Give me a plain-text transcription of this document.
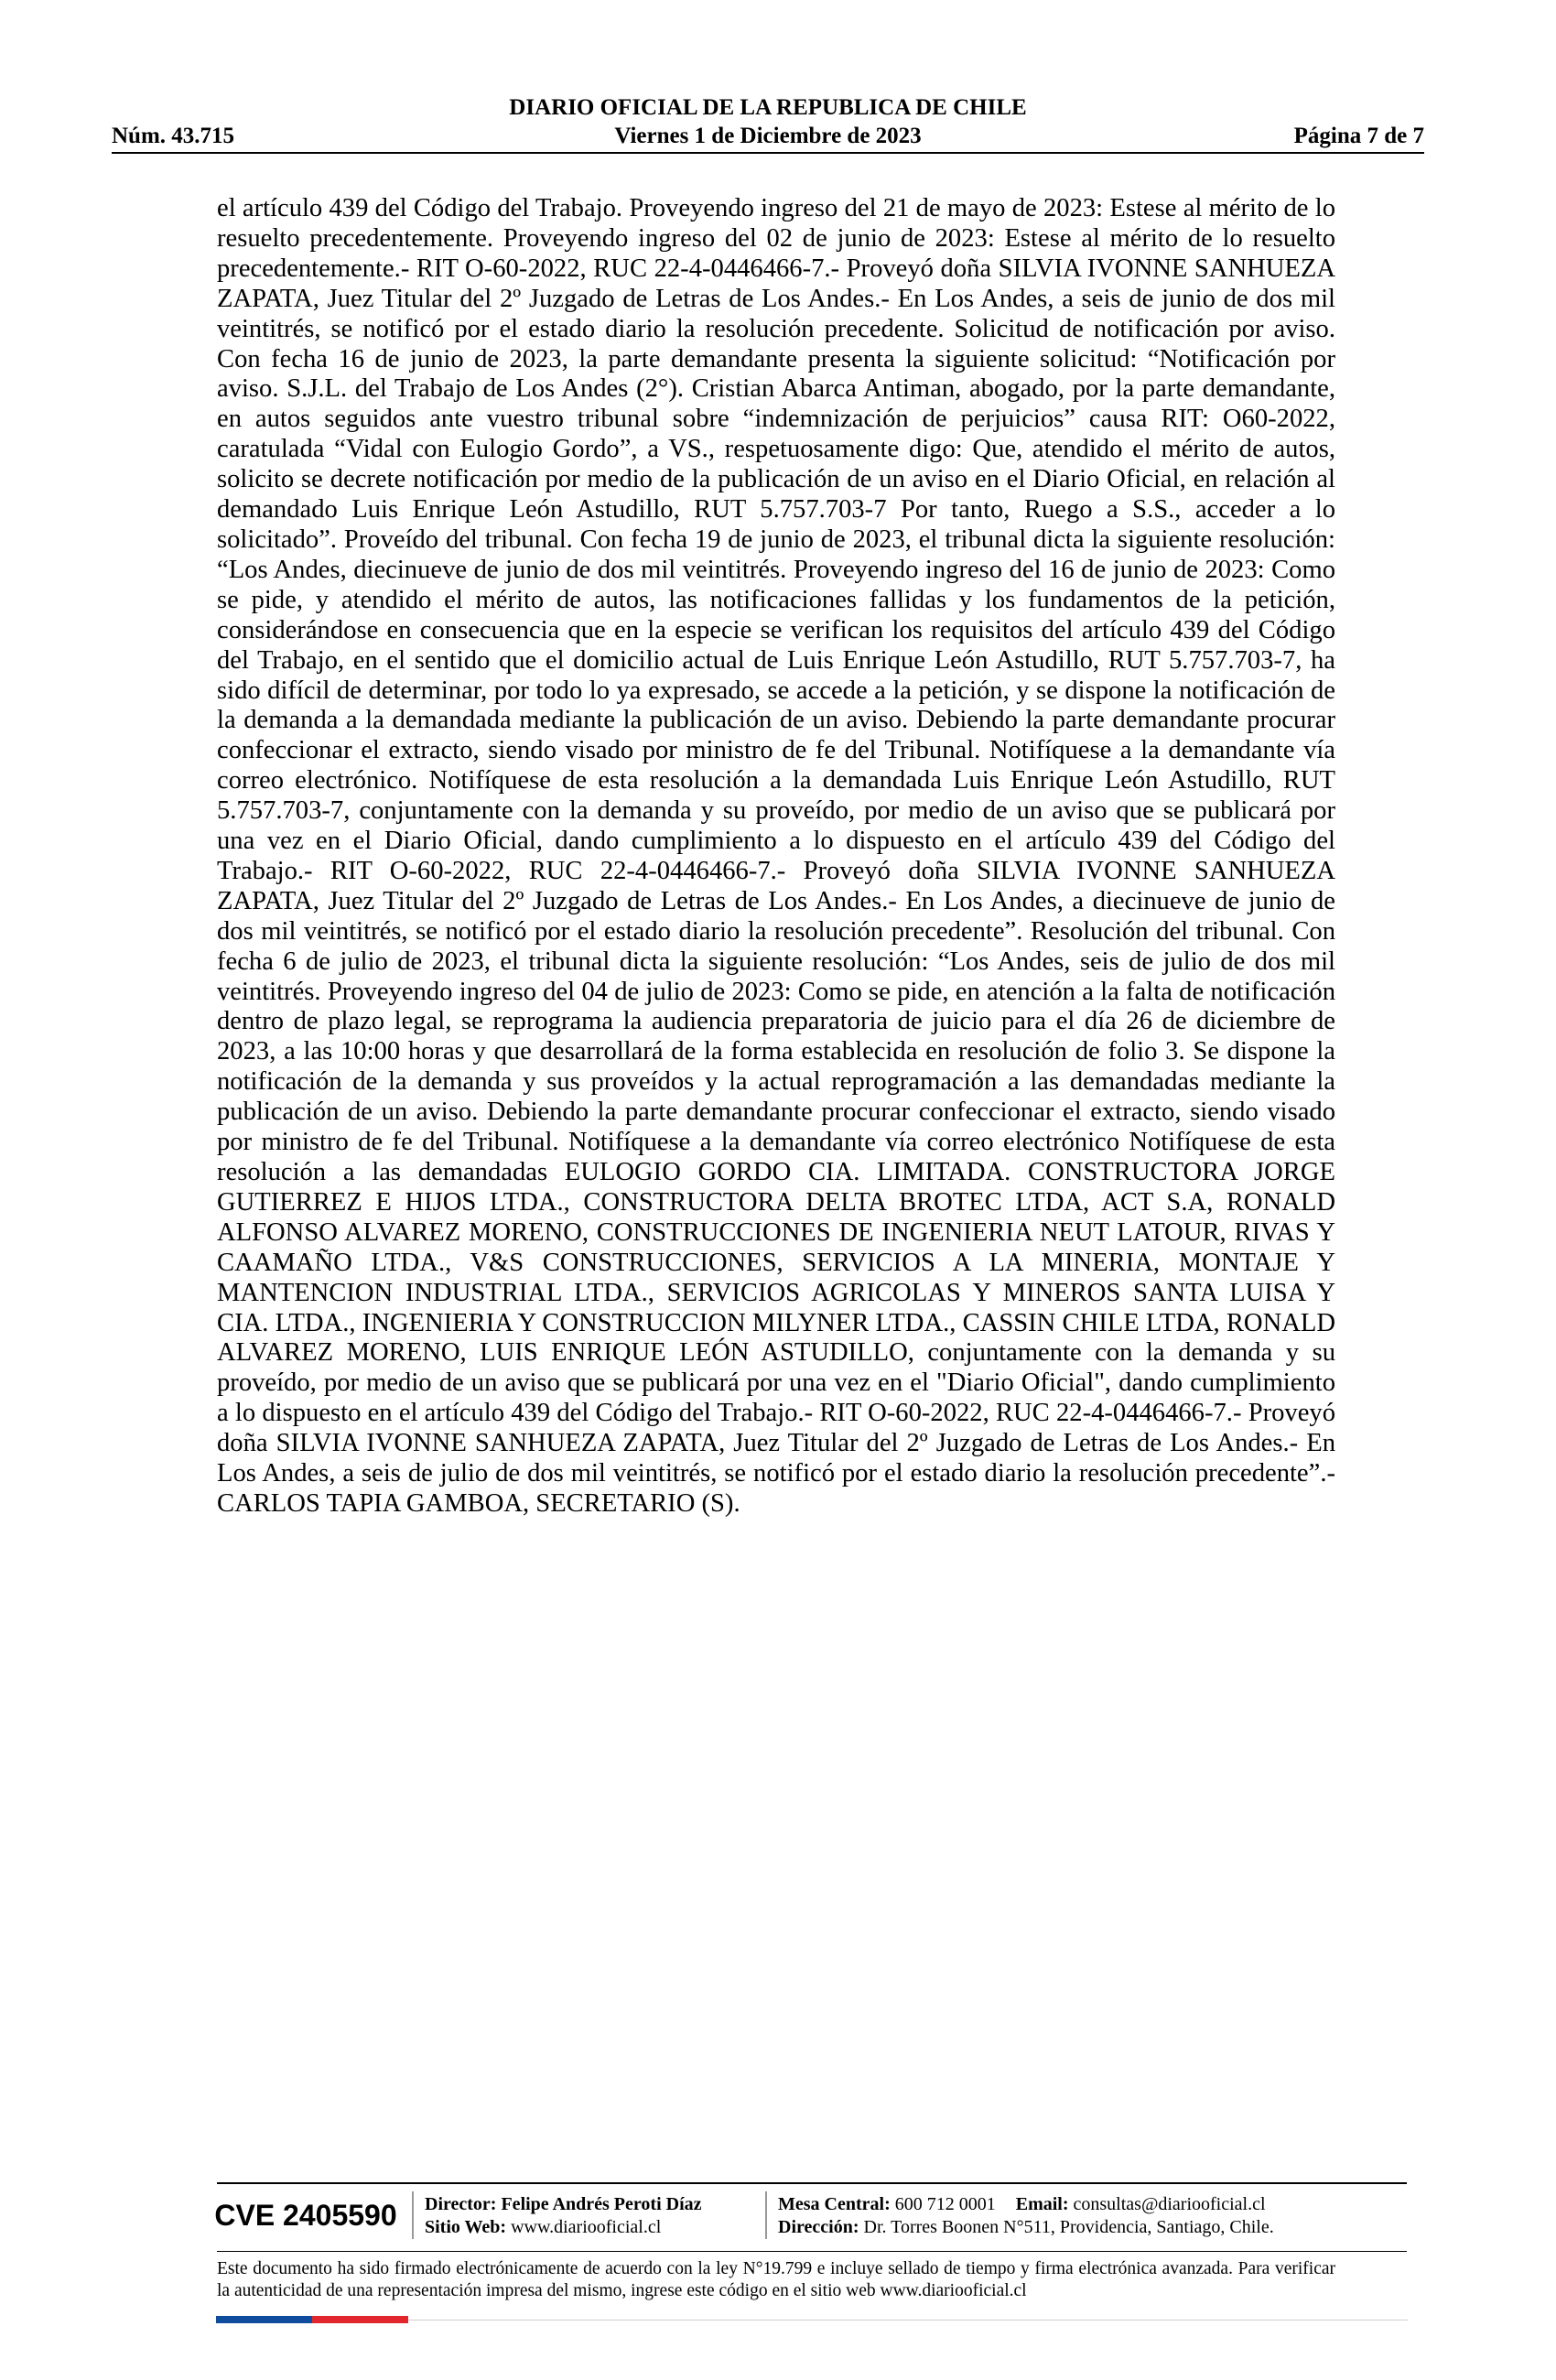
DIARIO OFICIAL DE LA REPUBLICA DE CHILE
Núm. 43.715	Viernes 1 de Diciembre de 2023	Página 7 de 7
el artículo 439 del Código del Trabajo. Proveyendo ingreso del 21 de mayo de 2023: Estese al mérito de lo resuelto precedentemente. Proveyendo ingreso del 02 de junio de 2023: Estese al mérito de lo resuelto precedentemente.- RIT O-60-2022, RUC 22-4-0446466-7.- Proveyó doña SILVIA IVONNE SANHUEZA ZAPATA, Juez Titular del 2º Juzgado de Letras de Los Andes.- En Los Andes, a seis de junio de dos mil veintitrés, se notificó por el estado diario la resolución precedente. Solicitud de notificación por aviso. Con fecha 16 de junio de 2023, la parte demandante presenta la siguiente solicitud: “Notificación por aviso. S.J.L. del Trabajo de Los Andes (2°). Cristian Abarca Antiman, abogado, por la parte demandante, en autos seguidos ante vuestro tribunal sobre “indemnización de perjuicios” causa RIT: O60-2022, caratulada “Vidal con Eulogio Gordo”, a VS., respetuosamente digo: Que, atendido el mérito de autos, solicito se decrete notificación por medio de la publicación de un aviso en el Diario Oficial, en relación al demandado Luis Enrique León Astudillo, RUT 5.757.703-7 Por tanto, Ruego a S.S., acceder a lo solicitado”. Proveído del tribunal. Con fecha 19 de junio de 2023, el tribunal dicta la siguiente resolución: “Los Andes, diecinueve de junio de dos mil veintitrés. Proveyendo ingreso del 16 de junio de 2023: Como se pide, y atendido el mérito de autos, las notificaciones fallidas y los fundamentos de la petición, considerándose en consecuencia que en la especie se verifican los requisitos del artículo 439 del Código del Trabajo, en el sentido que el domicilio actual de Luis Enrique León Astudillo, RUT 5.757.703-7, ha sido difícil de determinar, por todo lo ya expresado, se accede a la petición, y se dispone la notificación de la demanda a la demandada mediante la publicación de un aviso. Debiendo la parte demandante procurar confeccionar el extracto, siendo visado por ministro de fe del Tribunal. Notifíquese a la demandante vía correo electrónico. Notifíquese de esta resolución a la demandada Luis Enrique León Astudillo, RUT 5.757.703-7, conjuntamente con la demanda y su proveído, por medio de un aviso que se publicará por una vez en el Diario Oficial, dando cumplimiento a lo dispuesto en el artículo 439 del Código del Trabajo.- RIT O-60-2022, RUC 22-4-0446466-7.- Proveyó doña SILVIA IVONNE SANHUEZA ZAPATA, Juez Titular del 2º Juzgado de Letras de Los Andes.- En Los Andes, a diecinueve de junio de dos mil veintitrés, se notificó por el estado diario la resolución precedente”. Resolución del tribunal. Con fecha 6 de julio de 2023, el tribunal dicta la siguiente resolución: “Los Andes, seis de julio de dos mil veintitrés. Proveyendo ingreso del 04 de julio de 2023: Como se pide, en atención a la falta de notificación dentro de plazo legal, se reprograma la audiencia preparatoria de juicio para el día 26 de diciembre de 2023, a las 10:00 horas y que desarrollará de la forma establecida en resolución de folio 3. Se dispone la notificación de la demanda y sus proveídos y la actual reprogramación a las demandadas mediante la publicación de un aviso. Debiendo la parte demandante procurar confeccionar el extracto, siendo visado por ministro de fe del Tribunal. Notifíquese a la demandante vía correo electrónico Notifíquese de esta resolución a las demandadas EULOGIO GORDO CIA. LIMITADA. CONSTRUCTORA JORGE GUTIERREZ E HIJOS LTDA., CONSTRUCTORA DELTA BROTEC LTDA, ACT S.A, RONALD ALFONSO ALVAREZ MORENO, CONSTRUCCIONES DE INGENIERIA NEUT LATOUR, RIVAS Y CAAMAÑO LTDA., V&S CONSTRUCCIONES, SERVICIOS A LA MINERIA, MONTAJE Y MANTENCION INDUSTRIAL LTDA., SERVICIOS AGRICOLAS Y MINEROS SANTA LUISA Y CIA. LTDA., INGENIERIA Y CONSTRUCCION MILYNER LTDA., CASSIN CHILE LTDA, RONALD ALVAREZ MORENO, LUIS ENRIQUE LEÓN ASTUDILLO, conjuntamente con la demanda y su proveído, por medio de un aviso que se publicará por una vez en el "Diario Oficial", dando cumplimiento a lo dispuesto en el artículo 439 del Código del Trabajo.- RIT O-60-2022, RUC 22-4-0446466-7.- Proveyó doña SILVIA IVONNE SANHUEZA ZAPATA, Juez Titular del 2º Juzgado de Letras de Los Andes.- En Los Andes, a seis de julio de dos mil veintitrés, se notificó por el estado diario la resolución precedente”.- CARLOS TAPIA GAMBOA, SECRETARIO (S).
CVE 2405590	Director: Felipe Andrés Peroti Díaz
Sitio Web: www.diariooficial.cl
Mesa Central: 600 712 0001 Email: consultas@diariooficial.cl
Dirección: Dr. Torres Boonen N°511, Providencia, Santiago, Chile.
Este documento ha sido firmado electrónicamente de acuerdo con la ley N°19.799 e incluye sellado de tiempo y firma electrónica avanzada. Para verificar la autenticidad de una representación impresa del mismo, ingrese este código en el sitio web www.diariooficial.cl
